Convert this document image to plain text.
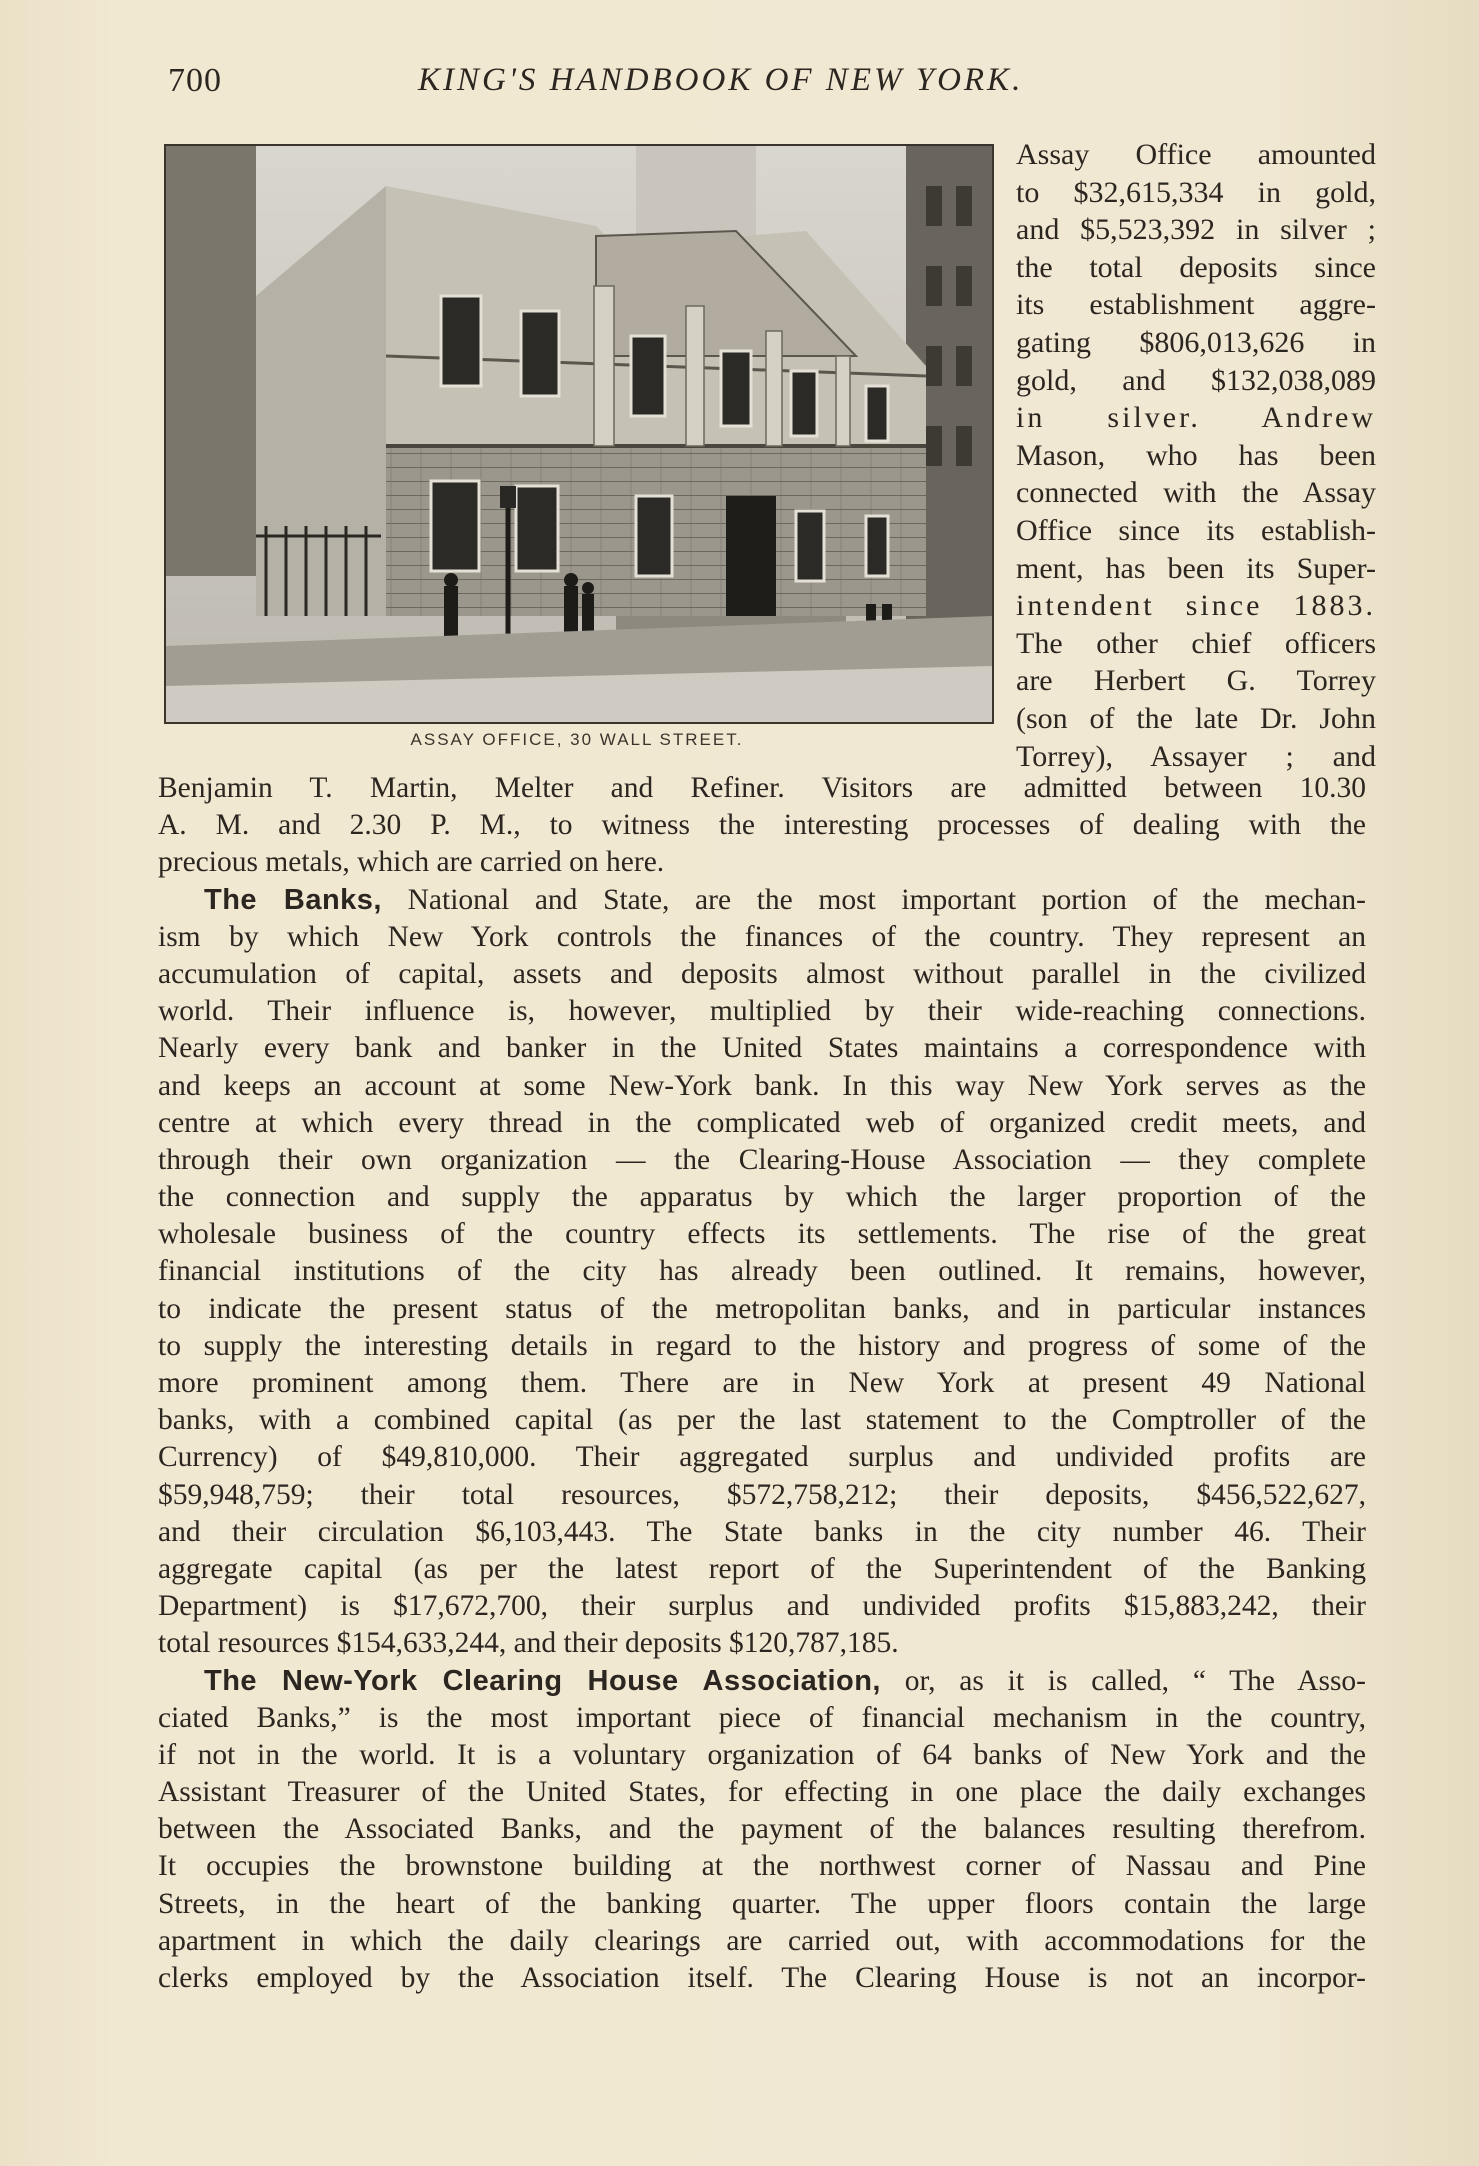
700	KING'S HANDBOOK OF NEW YORK.
ASSAY OFFICE, 30 WALL STREET.
Assay Office amounted
to $32,615,334 in gold,
and $5,523,392 in silver ;
the total deposits since
its establishment aggre-
gating $806,013,626 in
gold, and $132,038,089
in silver. Andrew
Mason, who has been
connected with the Assay
Office since its establish-
ment, has been its Super-
intendent since 1883.
The other chief officers
are Herbert G. Torrey
(son of the late Dr. John
Torrey), Assayer ; and
Benjamin T. Martin, Melter and Refiner. Visitors are admitted between 10.30
A. M. and 2.30 P. M., to witness the interesting processes of dealing with the
precious metals, which are carried on here.
The Banks, National and State, are the most important portion of the mechan-
ism by which New York controls the finances of the country. They represent an
accumulation of capital, assets and deposits almost without parallel in the civilized
world. Their influence is, however, multiplied by their wide-reaching connections.
Nearly every bank and banker in the United States maintains a correspondence with
and keeps an account at some New-York bank. In this way New York serves as the
centre at which every thread in the complicated web of organized credit meets, and
through their own organization — the Clearing-House Association — they complete
the connection and supply the apparatus by which the larger proportion of the
wholesale business of the country effects its settlements. The rise of the great
financial institutions of the city has already been outlined. It remains, however,
to indicate the present status of the metropolitan banks, and in particular instances
to supply the interesting details in regard to the history and progress of some of the
more prominent among them. There are in New York at present 49 National
banks, with a combined capital (as per the last statement to the Comptroller of the
Currency) of $49,810,000. Their aggregated surplus and undivided profits are
$59,948,759; their total resources, $572,758,212; their deposits, $456,522,627,
and their circulation $6,103,443. The State banks in the city number 46. Their
aggregate capital (as per the latest report of the Superintendent of the Banking
Department) is $17,672,700, their surplus and undivided profits $15,883,242, their
total resources $154,633,244, and their deposits $120,787,185.
The New-York Clearing House Association, or, as it is called, “ The Asso-
ciated Banks,” is the most important piece of financial mechanism in the country,
if not in the world. It is a voluntary organization of 64 banks of New York and the
Assistant Treasurer of the United States, for effecting in one place the daily exchanges
between the Associated Banks, and the payment of the balances resulting therefrom.
It occupies the brownstone building at the northwest corner of Nassau and Pine
Streets, in the heart of the banking quarter. The upper floors contain the large
apartment in which the daily clearings are carried out, with accommodations for the
clerks employed by the Association itself. The Clearing House is not an incorpor-
